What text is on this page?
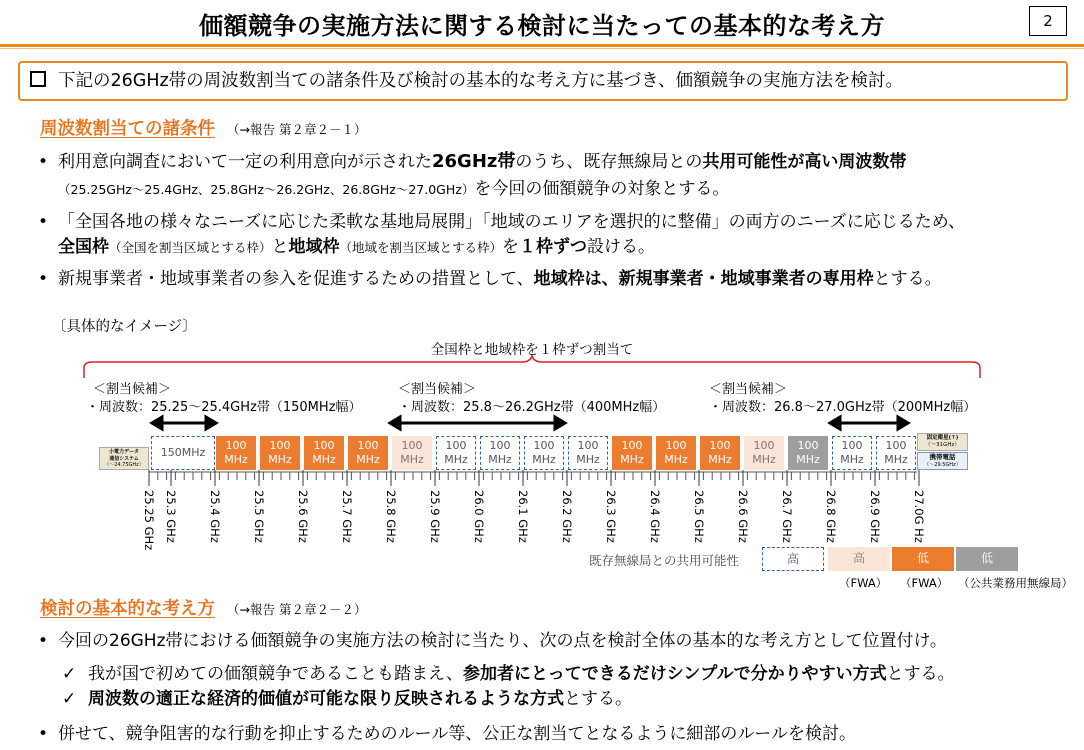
価額競争の実施方法に関する検討に当たっての基本的な考え方	2
下記の26GHz帯の周波数割当ての諸条件及び検討の基本的な考え方に基づき、価額競争の実施方法を検討。
周波数割当ての諸条件 （→報告 第２章２－１）
• 利用意向調査において一定の利用意向が示された26GHz帯のうち、既存無線局との共用可能性が高い周波数帯
（25.25GHz～25.4GHz、25.8GHz～26.2GHz、26.8GHz～27.0GHz）を今回の価額競争の対象とする。
• 「全国各地の様々なニーズに応じた柔軟な基地局展開」「地域のエリアを選択的に整備」の両方のニーズに応じるため、
全国枠（全国を割当区域とする枠）と地域枠（地域を割当区域とする枠）を１枠ずつ設ける。
• 新規事業者・地域事業者の参入を促進するための措置として、地域枠は、新規事業者・地域事業者の専用枠とする。
〔具体的なイメージ〕
全国枠と地域枠を１枠ずつ割当て
＜割当候補＞
・周波数：25.25～25.4GHz帯（150MHz幅）
＜割当候補＞
・周波数：25.8～26.2GHz帯（400MHz幅）
＜割当候補＞
・周波数：26.8～27.0GHz帯（200MHz幅）
小電力データ
通信システム
（～24.75GHz）
固定衛星(↑)
（～31GHz）
携帯電話
（～29.5GHz）
150MHz
100
MHz
100
MHz
100
MHz
100
MHz
100
MHz
100
MHz
100
MHz
100
MHz
100
MHz
100
MHz
100
MHz
100
MHz
100
MHz
100
MHz
100
MHz
100
MHz
25.25 GHz 25.3 GHz	25.4 GHz	25.5 GHz	25.6 GHz	25.7 GHz	25.8 GHz	25.9 GHz	26.0 GHz	26.1 GHz	26.2 GHz	26.3 GHz	26.4 GHz	26.5 GHz	26.6 GHz	26.7 GHz	26.8 GHz	26.9 GHz	27.0G Hz
既存無線局との共用可能性	高	高
（FWA）
低
（FWA）
低
（公共業務用無線局）
検討の基本的な考え方 （→報告 第２章２－２）
• 今回の26GHz帯における価額競争の実施方法の検討に当たり、次の点を検討全体の基本的な考え方として位置付け。
✓ 我が国で初めての価額競争であることも踏まえ、参加者にとってできるだけシンプルで分かりやすい方式とする。
✓ 周波数の適正な経済的価値が可能な限り反映されるような方式とする。
• 併せて、競争阻害的な行動を抑止するためのルール等、公正な割当てとなるように細部のルールを検討。
